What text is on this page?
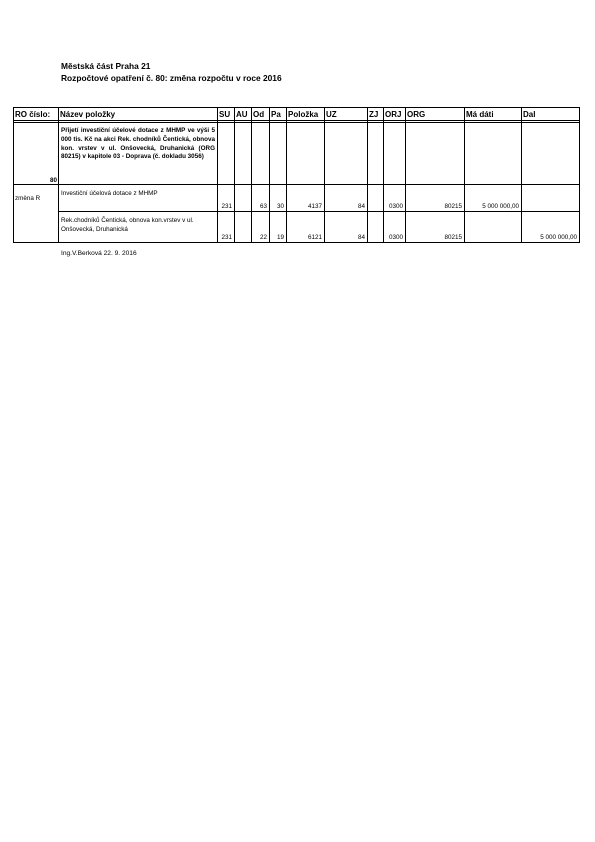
Městská část Praha 21
Rozpočtové opatření č. 80: změna rozpočtu v roce 2016
RO číslo:	Název položky	SU	AU	Od	Pa	Položka	UZ	ZJ	ORJ	ORG	Má dáti	Dal

80	Přijetí investiční účelové dotace z MHMP ve výši 5 000 tis. Kč na akci Rek. chodníků Čentická, obnova kon. vrstev v ul. Onšovecká, Druhanická (ORG 80215) v kapitole 03 - Doprava (č. dokladu 3056)											
změna R	Investiční účelová dotace z MHMP	231		63	30	4137	84		0300	80215	5 000 000,00	
	Rek.chodníků Čentická, obnova kon.vrstev v ul. Onšovecká, Druhanická	231		22	19	6121	84		0300	80215		5 000 000,00
Ing.V.Berková 22. 9. 2016
